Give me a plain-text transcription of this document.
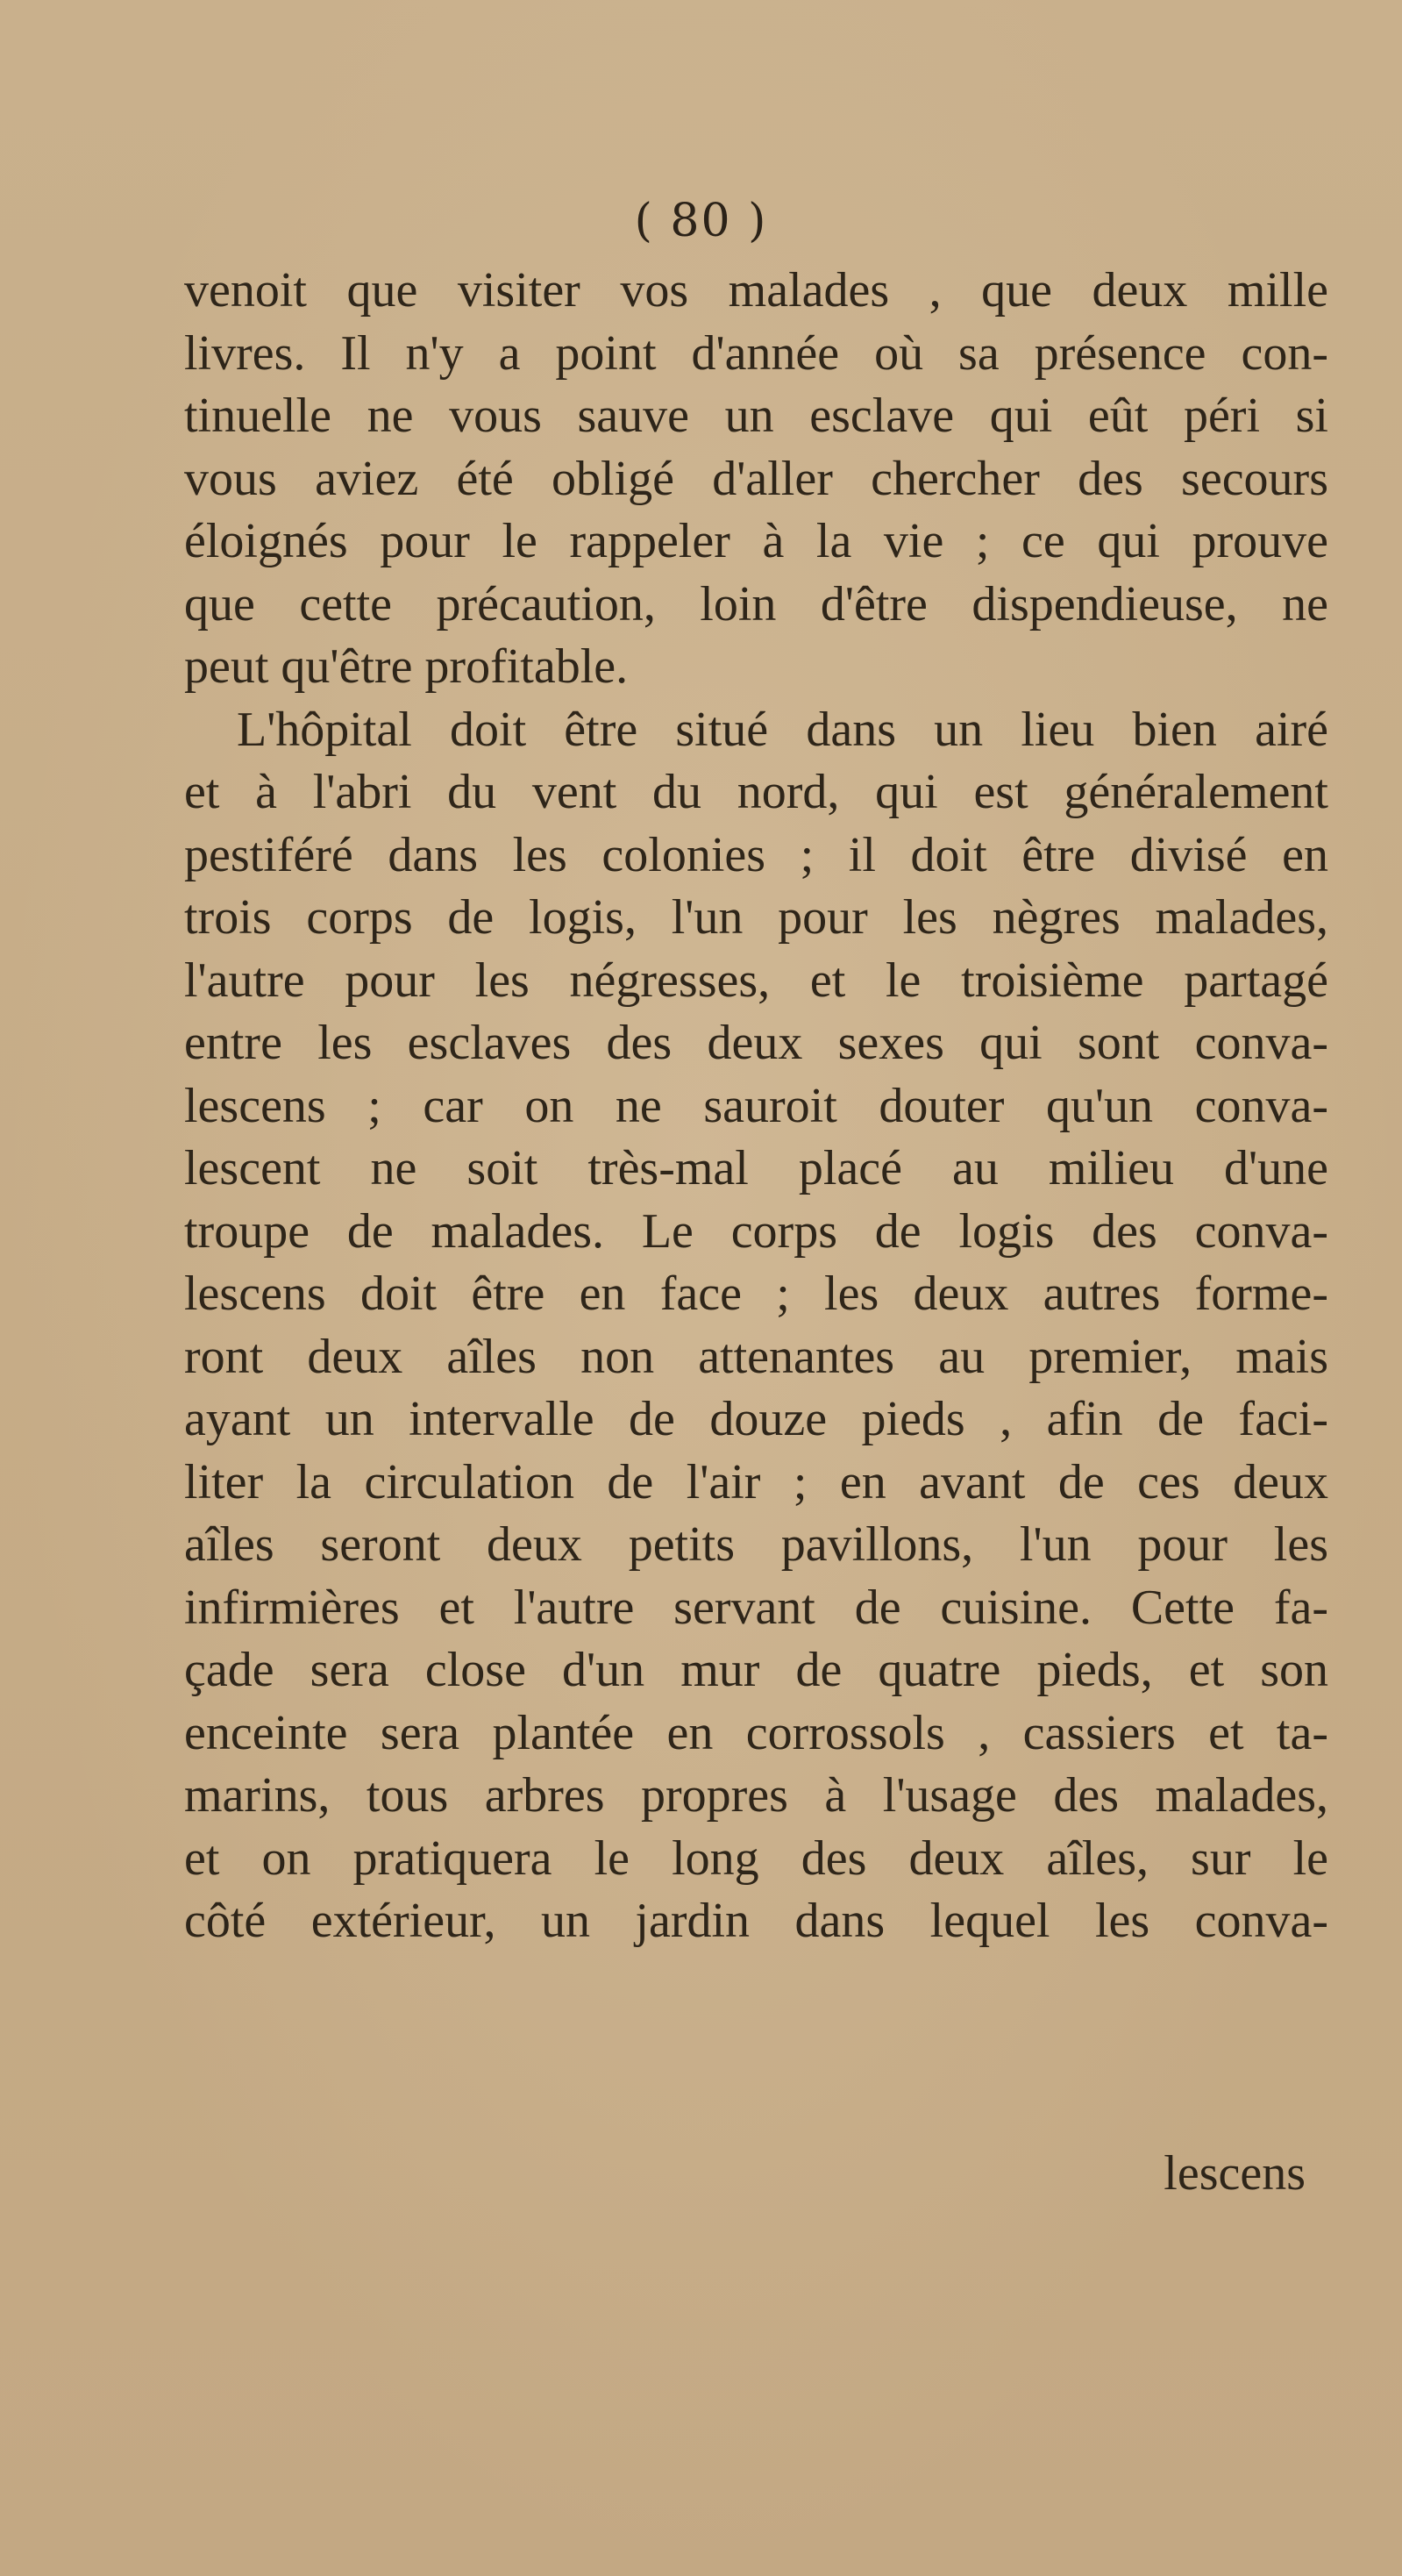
( 80 )
venoit que visiter vos malades , que deux mille
livres. Il n'y a point d'année où sa présence con-
tinuelle ne vous sauve un esclave qui eût péri si
vous aviez été obligé d'aller chercher des secours
éloignés pour le rappeler à la vie ; ce qui prouve
que cette précaution, loin d'être dispendieuse, ne
peut qu'être profitable.
L'hôpital doit être situé dans un lieu bien airé
et à l'abri du vent du nord, qui est généralement
pestiféré dans les colonies ; il doit être divisé en
trois corps de logis, l'un pour les nègres malades,
l'autre pour les négresses, et le troisième partagé
entre les esclaves des deux sexes qui sont conva-
lescens ; car on ne sauroit douter qu'un conva-
lescent ne soit très-mal placé au milieu d'une
troupe de malades. Le corps de logis des conva-
lescens doit être en face ; les deux autres forme-
ront deux aîles non attenantes au premier, mais
ayant un intervalle de douze pieds , afin de faci-
liter la circulation de l'air ; en avant de ces deux
aîles seront deux petits pavillons, l'un pour les
infirmières et l'autre servant de cuisine. Cette fa-
çade sera close d'un mur de quatre pieds, et son
enceinte sera plantée en corrossols , cassiers et ta-
marins, tous arbres propres à l'usage des malades,
et on pratiquera le long des deux aîles, sur le
côté extérieur, un jardin dans lequel les conva-
lescens
